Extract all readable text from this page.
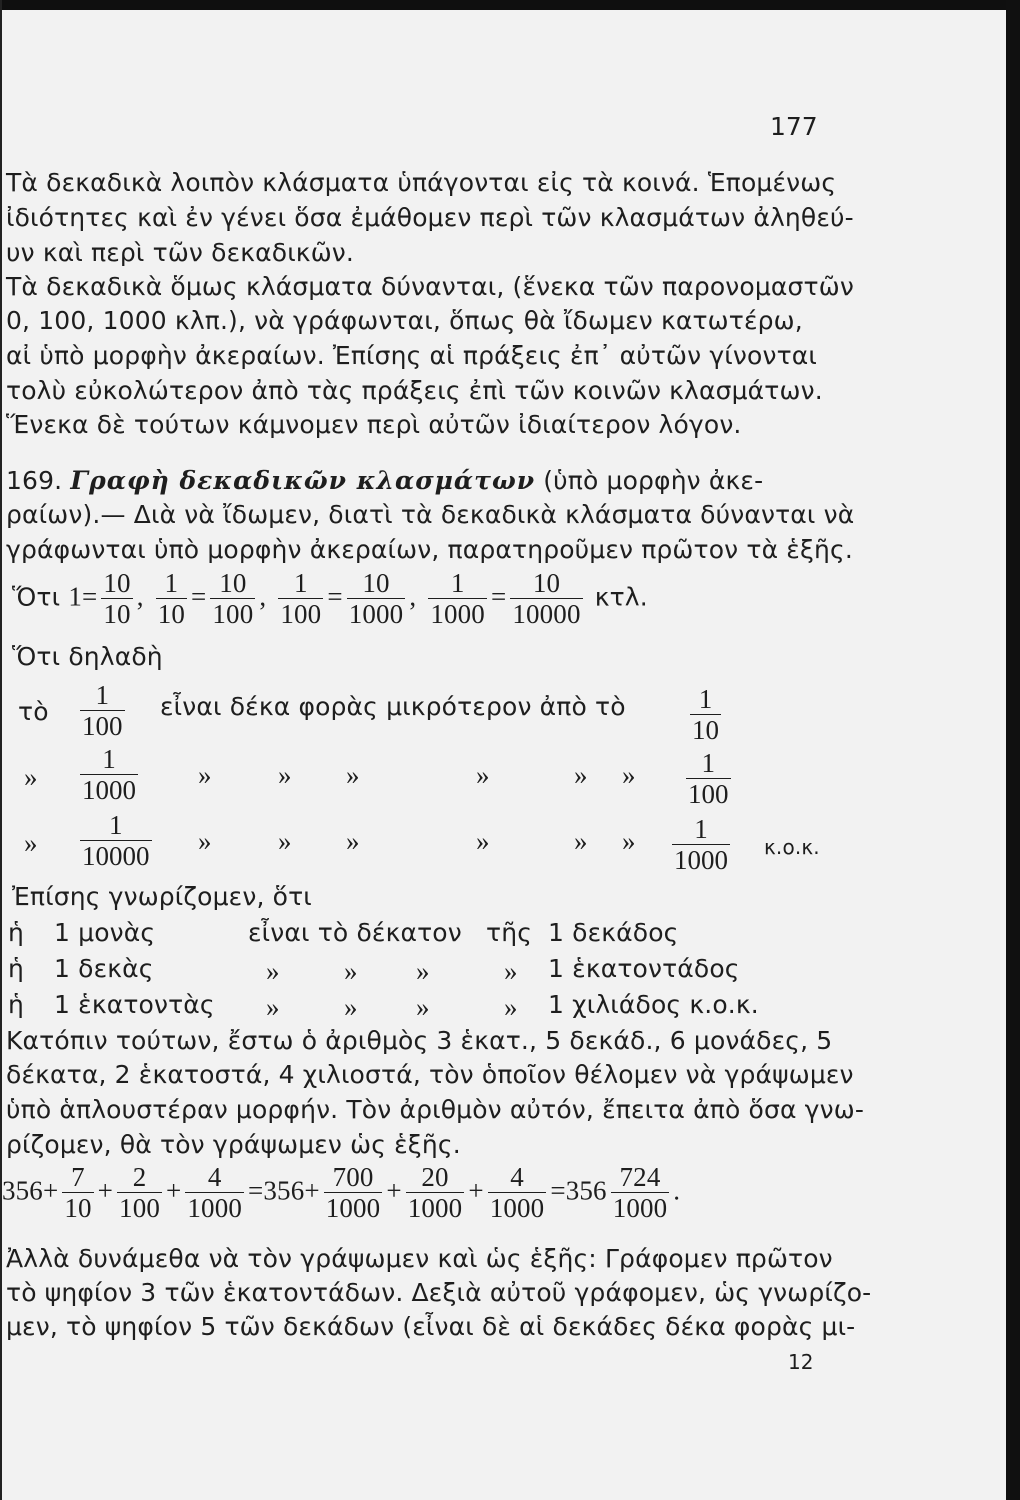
177
Τὰ δεκαδικὰ λοιπὸν κλάσματα ὑπάγονται εἰς τὰ κοινά. Ἑπομένως
ἰδιότητες καὶ ἐν γένει ὅσα ἐμάθομεν περὶ τῶν κλασμάτων ἀληθεύ-
υν καὶ περὶ τῶν δεκαδικῶν.
Τὰ δεκαδικὰ ὅμως κλάσματα δύνανται, (ἕνεκα τῶν παρονομαστῶν
0, 100, 1000 κλπ.), νὰ γράφωνται, ὅπως θὰ ἴδωμεν κατωτέρω,
αἰ ὑπὸ μορφὴν ἀκεραίων. Ἐπίσης αἱ πράξεις ἐπ᾽ αὐτῶν γίνονται
τολὺ εὐκολώτερον ἀπὸ τὰς πράξεις ἐπὶ τῶν κοινῶν κλασμάτων.
Ἕνεκα δὲ τούτων κάμνομεν περὶ αὐτῶν ἰδιαίτερον λόγον.
169. Γραφὴ δεκαδικῶν κλασμάτων (ὑπὸ μορφὴν ἀκε-
ραίων).— Διὰ νὰ ἴδωμεν, διατὶ τὰ δεκαδικὰ κλάσματα δύνανται νὰ
γράφωνται ὑπὸ μορφὴν ἀκεραίων, παρατηροῦμεν πρῶτον τὰ ἑξῆς.
Ὅτι $1= \frac{10}{10}$ , $\frac{1}{10} = \frac{10}{100}$ , $\frac{1}{100} = \frac{10}{1000}$ , $\frac{1}{1000} = \frac{10}{10000} \kappa\tau\lambda$.
Ὅτι δηλαδὴ
τὸ $\frac{1}{100}$ εἶναι δέκα φορὰς μικρότερον ἀπὸ τὸ $\frac{1}{10}$
» $\frac{1}{1000}$ » » »	»	» » $\frac{1}{100}$
» $\frac{1}{10000}$ » » »	»	» » $\frac{1}{1000} \kappa.o.\kappa$.
Ἐπίσης γνωρίζομεν, ὅτι
ἡ 1 μονὰς	εἶναι τὸ δέκατον τῆς 1 δεκάδος
ἡ 1 δεκὰς	» » »	» 1 ἑκατοντάδος
ἡ 1 ἑκατοντὰς » » »	» 1 χιλιάδος κ.ο.κ.
Κατόπιν τούτων, ἔστω ὁ ἀριθμὸς 3 ἑκατ., 5 δεκάδ., 6 μονάδες, 5
δέκατα, 2 ἑκατοστά, 4 χιλιοστά, τὸν ὁποῖον θέλομεν νὰ γράψωμεν
ὑπὸ ἁπλουστέραν μορφήν. Τὸν ἀριθμὸν αὐτόν, ἔπειτα ἀπὸ ὅσα γνω-
ρίζομεν, θὰ τὸν γράψωμεν ὡς ἑξῆς.
$356+ \frac{7}{10} + \frac{2}{100} + \frac{4}{1000} =356+ \frac{700}{1000} + \frac{20}{1000} + \frac{4}{1000} =356 \frac{724}{1000}$ .
Ἀλλὰ δυνάμεθα νὰ τὸν γράψωμεν καὶ ὡς ἑξῆς: Γράφομεν πρῶτον
τὸ ψηφίον 3 τῶν ἑκατοντάδων. Δεξιὰ αὐτοῦ γράφομεν, ὡς γνωρίζο-
μεν, τὸ ψηφίον 5 τῶν δεκάδων (εἶναι δὲ αἱ δεκάδες δέκα φορὰς μι-
12
